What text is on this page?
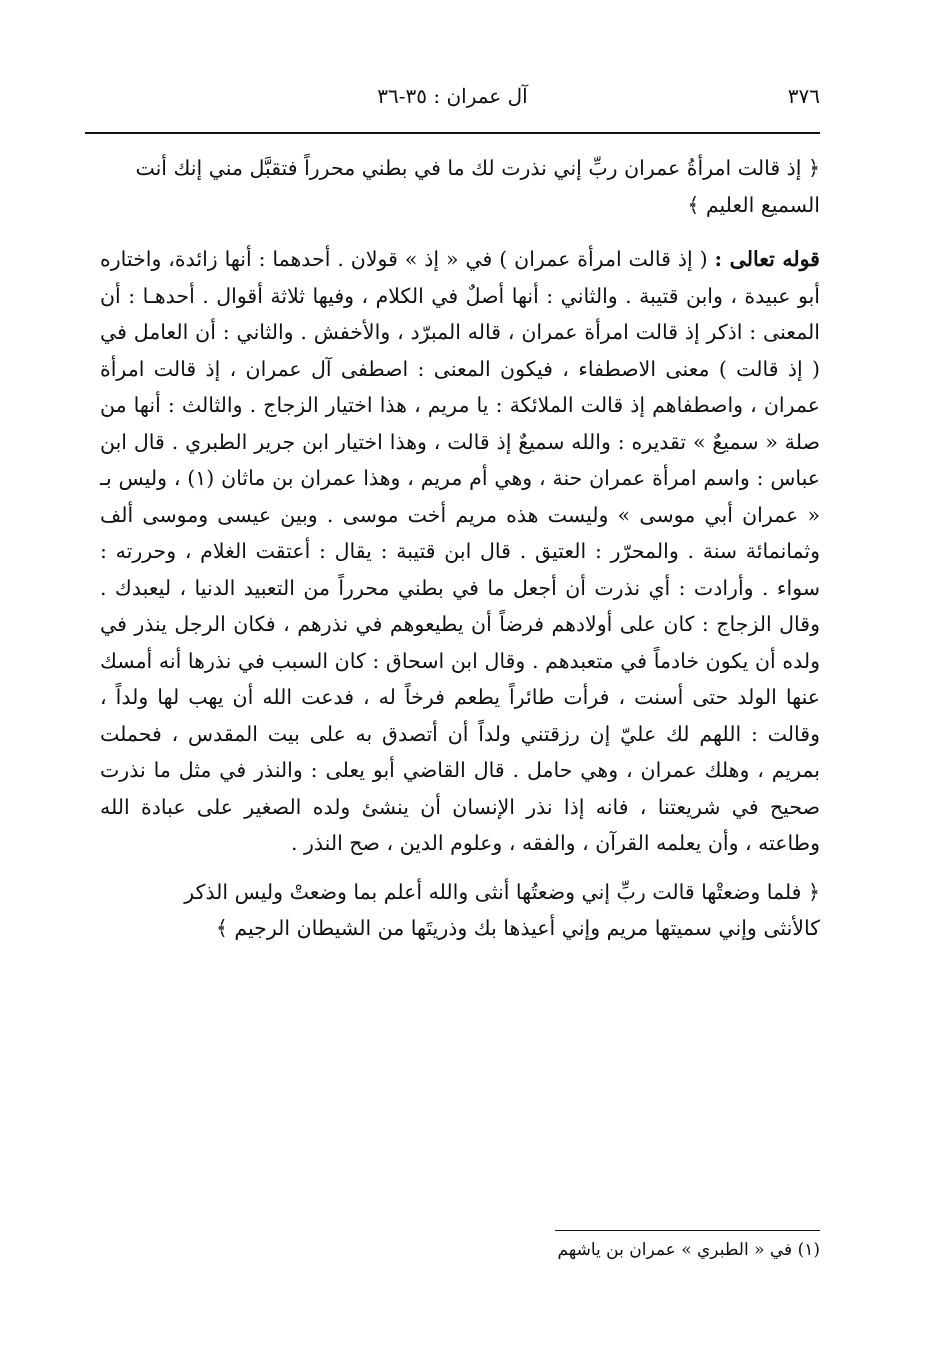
٣٧٦
آل عمران : ٣٥-٣٦
﴿ إذ قالت امرأةُ عمران ربِّ إني نذرت لك ما في بطني محرراً فتقبَّل مني إنك أنت
السميع العليم ﴾
قوله تعالى : ( إذ قالت امرأة عمران ) في « إذ » قولان . أحدهما : أنها زائدة، واختاره أبو عبيدة ، وابن قتيبة . والثاني : أنها أصلٌ في الكلام ، وفيها ثلاثة أقوال . أحدهـا : أن المعنى : اذكر إذ قالت امرأة عمران ، قاله المبرّد ، والأخفش . والثاني : أن العامل في ( إذ قالت ) معنى الاصطفاء ، فيكون المعنى : اصطفى آل عمران ، إذ قالت امرأة عمران ، واصطفاهم إذ قالت الملائكة : يا مريم ، هذا اختيار الزجاج . والثالث : أنها من صلة « سميعٌ » تقديره : والله سميعٌ إذ قالت ، وهذا اختيار ابن جرير الطبري . قال ابن عباس : واسم امرأة عمران حنة ، وهي أم مريم ، وهذا عمران بن ماثان (١) ، وليس بـ « عمران أبي موسى » وليست هذه مريم أخت موسى . وبين عيسى وموسى ألف وثمانمائة سنة . والمحرّر : العتيق . قال ابن قتيبة : يقال : أعتقت الغلام ، وحررته : سواء . وأرادت : أي نذرت أن أجعل ما في بطني محرراً من التعبيد الدنيا ، ليعبدك . وقال الزجاج : كان على أولادهم فرضاً أن يطيعوهم في نذرهم ، فكان الرجل ينذر في ولده أن يكون خادماً في متعبدهم . وقال ابن اسحاق : كان السبب في نذرها أنه أمسك عنها الولد حتى أسنت ، فرأت طائراً يطعم فرخاً له ، فدعت الله أن يهب لها ولداً ، وقالت : اللهم لك عليّ إن رزقتني ولداً أن أتصدق به على بيت المقدس ، فحملت بمريم ، وهلك عمران ، وهي حامل . قال القاضي أبو يعلى : والنذر في مثل ما نذرت صحيح في شريعتنا ، فانه إذا نذر الإنسان أن ينشئ ولده الصغير على عبادة الله وطاعته ، وأن يعلمه القرآن ، والفقه ، وعلوم الدين ، صح النذر .
﴿ فلما وضعتْها قالت ربِّ إني وضعتُها أنثى والله أعلم بما وضعتْ وليس الذكر
كالأنثى وإني سميتها مريم وإني أعيذها بك وذريتَها من الشيطان الرجيم ﴾
(١) في « الطبري » عمران بن ياشهم
